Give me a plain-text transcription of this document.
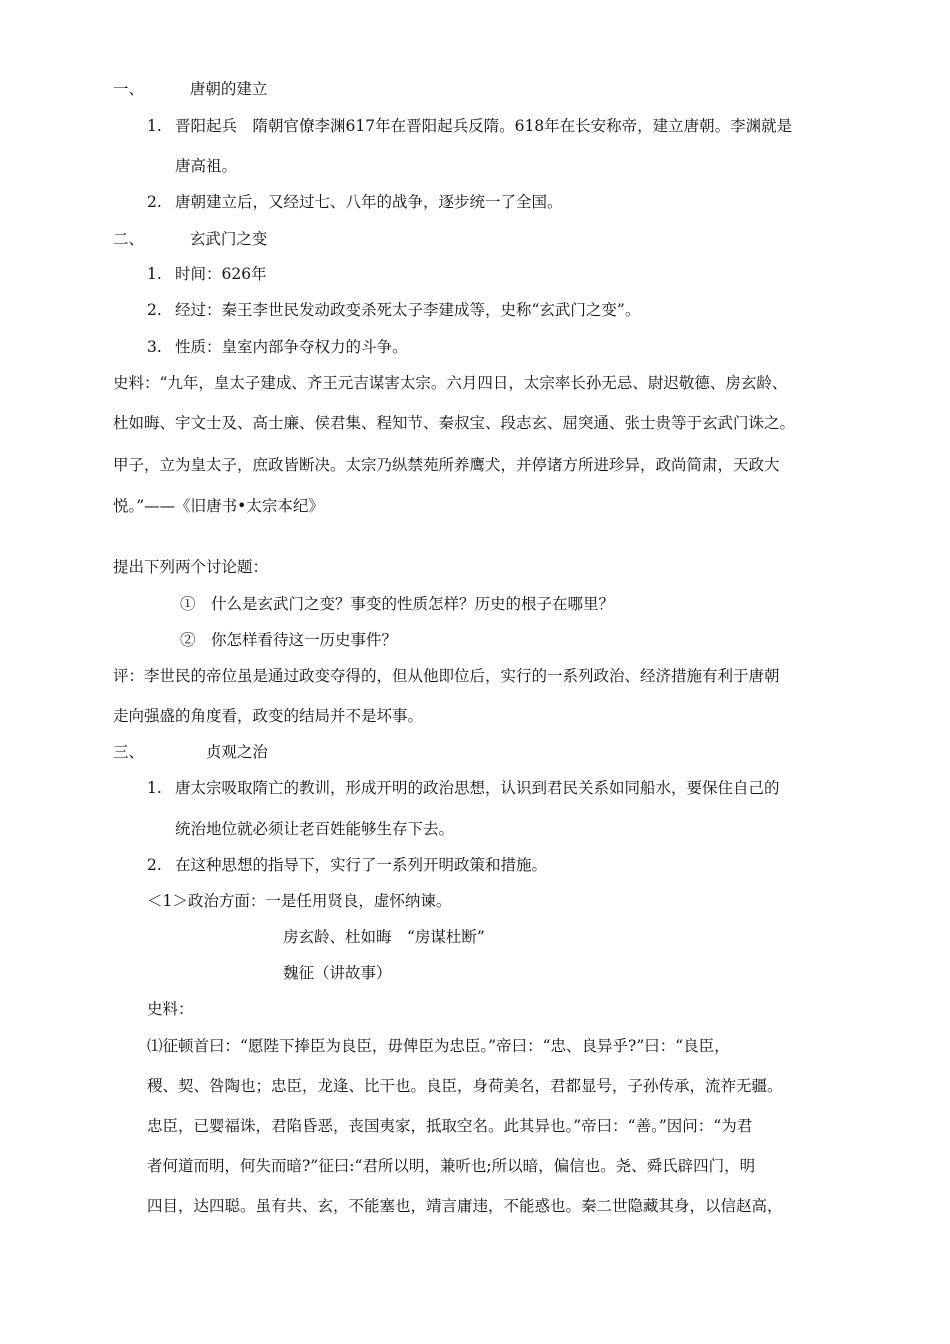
一、	唐朝的建立
1. 晋阳起兵　隋朝官僚李渊617年在晋阳起兵反隋。618年在长安称帝，建立唐朝。李渊就是
唐高祖。
2. 唐朝建立后，又经过七、八年的战争，逐步统一了全国。
二、	玄武门之变
1. 时间：626年
2. 经过：秦王李世民发动政变杀死太子李建成等，史称“玄武门之变”。
3. 性质：皇室内部争夺权力的斗争。
史料：“九年，皇太子建成、齐王元吉谋害太宗。六月四日，太宗率长孙无忌、尉迟敬德、房玄龄、
杜如晦、宇文士及、高士廉、侯君集、程知节、秦叔宝、段志玄、屈突通、张士贵等于玄武门诛之。
甲子，立为皇太子，庶政皆断决。太宗乃纵禁苑所养鹰犬，并停诸方所进珍异，政尚简肃，天政大
悦。”——《旧唐书•太宗本纪》
提出下列两个讨论题：
①　什么是玄武门之变？事变的性质怎样？历史的根子在哪里？
②　你怎样看待这一历史事件？
评：李世民的帝位虽是通过政变夺得的，但从他即位后，实行的一系列政治、经济措施有利于唐朝
走向强盛的角度看，政变的结局并不是坏事。
三、	贞观之治
1. 唐太宗吸取隋亡的教训，形成开明的政治思想，认识到君民关系如同船水，要保住自己的
统治地位就必须让老百姓能够生存下去。
2. 在这种思想的指导下，实行了一系列开明政策和措施。
＜1＞政治方面：一是任用贤良，虚怀纳谏。
房玄龄、杜如晦　“房谋杜断”
魏征（讲故事）
史料：
⑴征顿首曰：“愿陛下捧臣为良臣，毋俾臣为忠臣。”帝曰：“忠、良异乎?”曰：“良臣，
稷、契、咎陶也；忠臣，龙逢、比干也。良臣，身荷美名，君都显号，子孙传承，流祚无疆。
忠臣，已婴福诛，君陷昏恶，丧国夷家，抵取空名。此其异也。”帝曰：“善。”因问：“为君
者何道而明，何失而暗?”征曰:“君所以明，兼听也;所以暗，偏信也。尧、舜氏辟四门，明
四目，达四聪。虽有共、玄，不能塞也，靖言庸违，不能惑也。秦二世隐藏其身，以信赵高，
